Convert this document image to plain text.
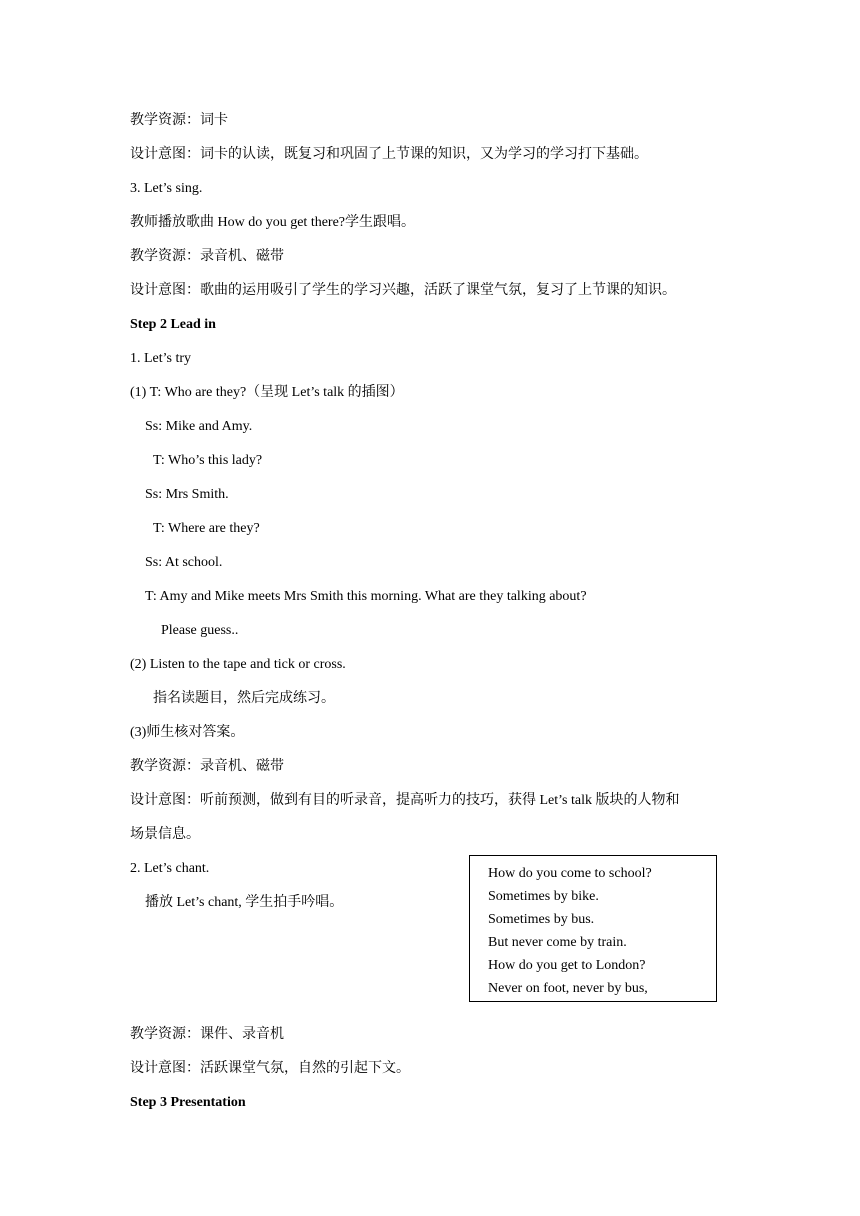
教学资源：词卡
设计意图：词卡的认读，既复习和巩固了上节课的知识，又为学习的学习打下基础。
3. Let’s sing.
教师播放歌曲 How do you get there?学生跟唱。
教学资源：录音机、磁带
设计意图：歌曲的运用吸引了学生的学习兴趣，活跃了课堂气氛，复习了上节课的知识。
Step 2 Lead in
1. Let’s try
(1) T: Who are they?（呈现 Let’s talk 的插图）
Ss: Mike and Amy.
T: Who’s this lady?
Ss: Mrs Smith.
T: Where are they?
Ss: At school.
T: Amy and Mike meets Mrs Smith this morning. What are they talking about?
Please guess..
(2) Listen to the tape and tick or cross.
指名读题目，然后完成练习。
(3)师生核对答案。
教学资源：录音机、磁带
设计意图：听前预测，做到有目的听录音，提高听力的技巧，获得 Let’s talk 版块的人物和
场景信息。
2. Let’s chant.
播放 Let’s chant, 学生拍手吟唱。
How do you come to school?
Sometimes by bike.
Sometimes by bus.
But never come by train.
How do you get to London?
Never on foot, never by bus,
教学资源：课件、录音机
设计意图：活跃课堂气氛，自然的引起下文。
Step 3 Presentation
